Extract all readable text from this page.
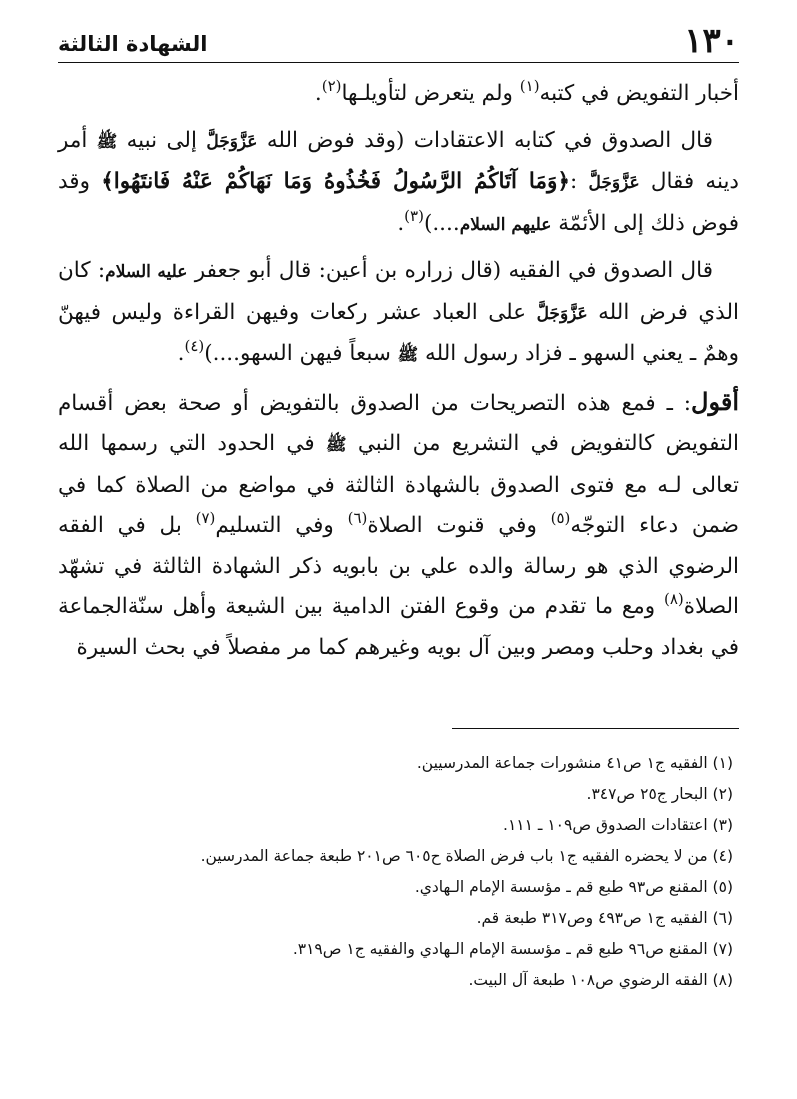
١٣٠
الشهادة الثالثة

أخبار التفويض في كتبه$^{(١)}$ ولم يتعرض لتأويلـها$^{(٢)}$.

قال الصدوق في كتابه الاعتقادات (وقد فوض الله عَزَّوَجَلَّ إلى نبيه ﷺ أمر دينه فقال عَزَّوَجَلَّ :﴿وَمَا آتَاكُمُ الرَّسُولُ فَخُذُوهُ وَمَا نَهَاكُمْ عَنْهُ فَانتَهُوا﴾ وقد فوض ذلك إلى الأئمّة عليهم السلام....)$^{(٣)}$.

قال الصدوق في الفقيه (قال زراره بن أعين: قال أبو جعفر عليه السلام: كان الذي فرض الله عَزَّوَجَلَّ على العباد عشر ركعات وفيهن القراءة وليس فيهنّ وهمٌ ـ يعني السهو ـ فزاد رسول الله ﷺ سبعاً فيهن السهو....)$^{(٤)}$.

أقول: ـ فمع هذه التصريحات من الصدوق بالتفويض أو صحة بعض أقسام التفويض كالتفويض في التشريع من النبي ﷺ في الحدود التي رسمها الله تعالى لـه مع فتوى الصدوق بالشهادة الثالثة في مواضع من الصلاة كما في ضمن دعاء التوجّه$^{(٥)}$ وفي قنوت الصلاة$^{(٦)}$ وفي التسليم$^{(٧)}$ بل في الفقه الرضوي الذي هو رسالة والده علي بن بابويه ذكر الشهادة الثالثة في تشهّد الصلاة$^{(٨)}$ ومع ما تقدم من وقوع الفتن الدامية بين الشيعة وأهل سنّةالجماعة في بغداد وحلب ومصر وبين آل بويه وغيرهم كما مر مفصلاً في بحث السيرة

(١) الفقيه ج١ ص٤١ منشورات جماعة المدرسيين.
(٢) البحار ج٢٥ ص٣٤٧.
(٣) اعتقادات الصدوق ص١٠٩ ـ ١١١.
(٤) من لا يحضره الفقيه ج١ باب فرض الصلاة ح٦٠٥ ص٢٠١ طبعة جماعة المدرسين.
(٥) المقنع ص٩٣ طبع قم ـ مؤسسة الإمام الـهادي.
(٦) الفقيه ج١ ص٤٩٣ وص٣١٧ طبعة قم.
(٧) المقنع ص٩٦ طبع قم ـ مؤسسة الإمام الـهادي والفقيه ج١ ص٣١٩.
(٨) الفقه الرضوي ص١٠٨ طبعة آل البيت.
